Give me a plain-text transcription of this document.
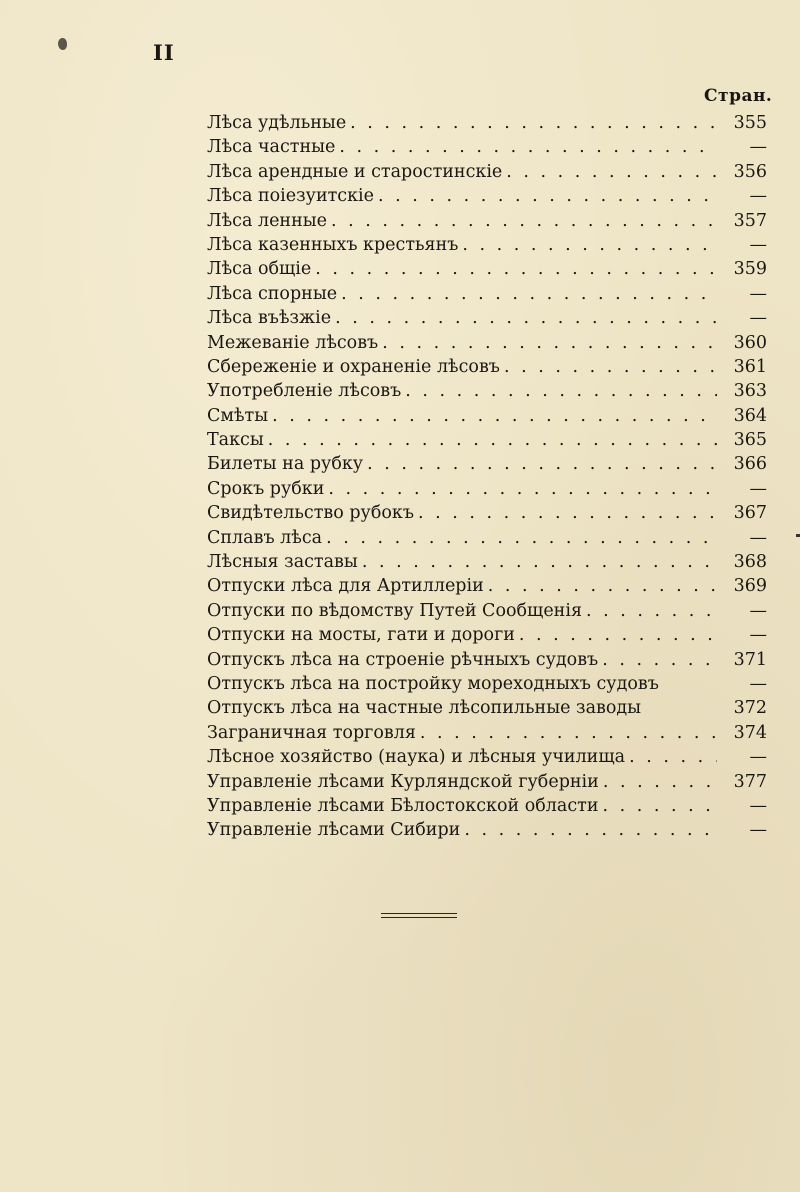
II
Стран.
Лѣса удѣльные . . .	355
Лѣса частные . . .	—
Лѣса арендные и старостинскіе . . .	356
Лѣса поіезуитскіе . . .	—
Лѣса ленные . . .	357
Лѣса казенныхъ крестьянъ . . .	—
Лѣса общіе . . .	359
Лѣса спорные . . .	—
Лѣса въѣзжіе . . .	—
Межеваніе лѣсовъ . . .	360
Сбереженіе и охраненіе лѣсовъ . . .	361
Употребленіе лѣсовъ . . .	363
Смѣты . . .	364
Таксы . . .	365
Билеты на рубку . . .	366
Срокъ рубки . . .	—
Свидѣтельство рубокъ . . .	367
Сплавъ лѣса . . .	—
Лѣсныя заставы . . .	368
Отпуски лѣса для Артиллеріи . . .	369
Отпуски по вѣдомству Путей Сообщенія . . .	—
Отпуски на мосты, гати и дороги . . .	—
Отпускъ лѣса на строеніе рѣчныхъ судовъ . . .	371
Отпускъ лѣса на постройку мореходныхъ судовъ	—
Отпускъ лѣса на частные лѣсопильные заводы	372
Заграничная торговля . . .	374
Лѣсное хозяйство (наука) и лѣсныя училища . . .	—
Управленіе лѣсами Курляндской губерніи . . .	377
Управленіе лѣсами Бѣлостокской области . . .	—
Управленіе лѣсами Сибири . . .	—
